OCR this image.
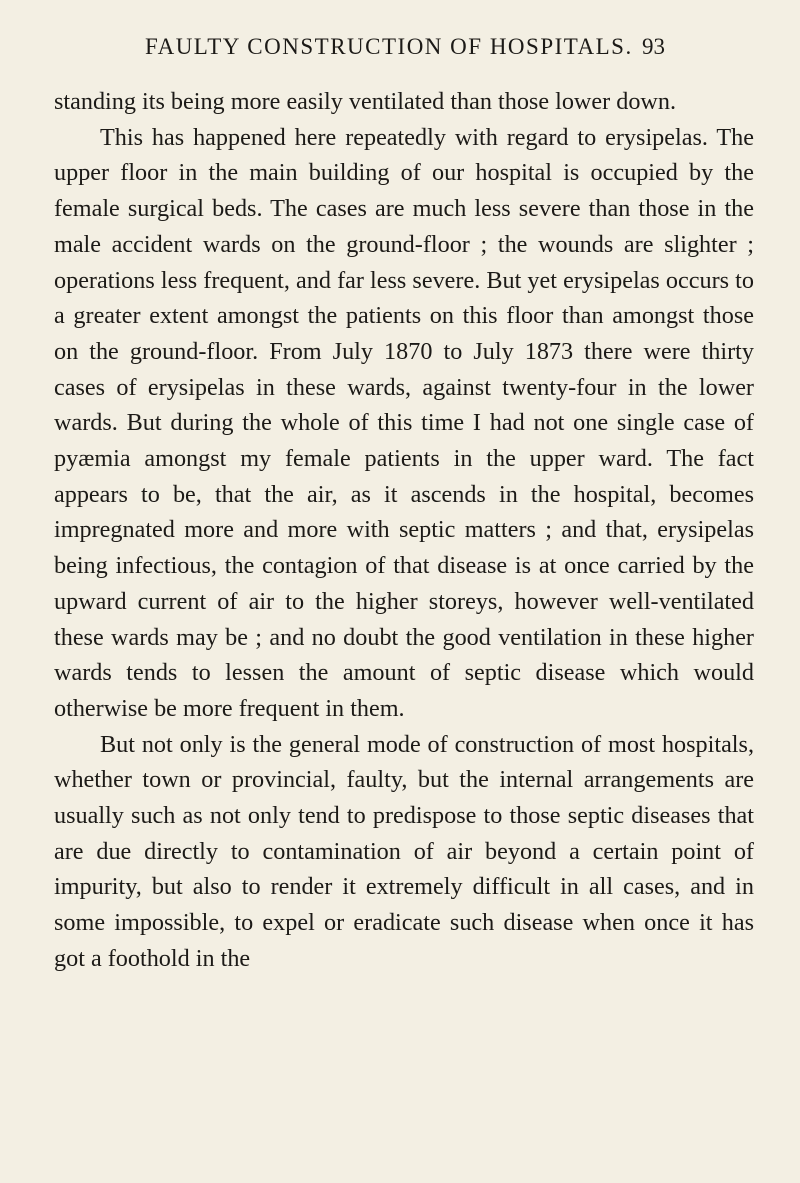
FAULTY CONSTRUCTION OF HOSPITALS. 93

standing its being more easily ventilated than those lower down.

This has happened here repeatedly with regard to erysipelas. The upper floor in the main building of our hospital is occupied by the female surgical beds. The cases are much less severe than those in the male accident wards on the ground-floor ; the wounds are slighter ; operations less frequent, and far less severe. But yet erysipelas occurs to a greater extent amongst the patients on this floor than amongst those on the ground-floor. From July 1870 to July 1873 there were thirty cases of erysipelas in these wards, against twenty-four in the lower wards. But during the whole of this time I had not one single case of pyæmia amongst my female patients in the upper ward. The fact appears to be, that the air, as it ascends in the hospital, becomes impregnated more and more with septic matters ; and that, erysipelas being infectious, the contagion of that disease is at once carried by the upward current of air to the higher storeys, however well-ventilated these wards may be ; and no doubt the good ventilation in these higher wards tends to lessen the amount of septic disease which would otherwise be more frequent in them.

But not only is the general mode of construction of most hospitals, whether town or provincial, faulty, but the internal arrangements are usually such as not only tend to predispose to those septic diseases that are due directly to contamination of air beyond a certain point of impurity, but also to render it extremely difficult in all cases, and in some impossible, to expel or eradicate such disease when once it has got a foothold in the
